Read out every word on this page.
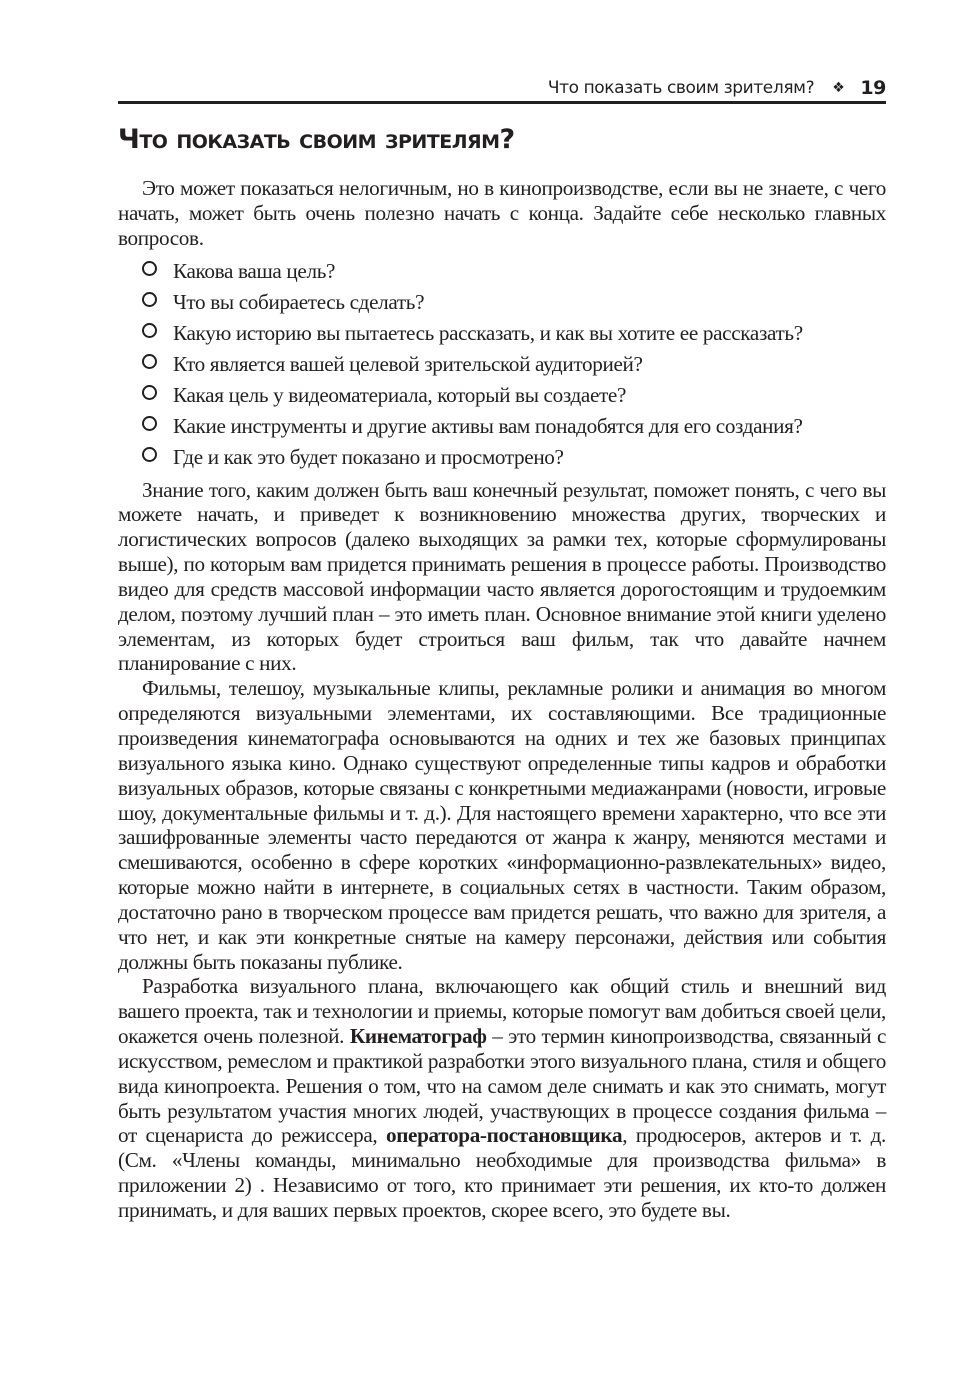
Что показать своим зрителям? ❖ 19
Что показать своим зрителям?

Это может показаться нелогичным, но в кинопроизводстве, если вы не знаете, с чего начать, может быть очень полезно начать с конца. Задайте себе несколько главных вопросов.

Какова ваша цель?
Что вы собираетесь сделать?
Какую историю вы пытаетесь рассказать, и как вы хотите ее рассказать?
Кто является вашей целевой зрительской аудиторией?
Какая цель у видеоматериала, который вы создаете?
Какие инструменты и другие активы вам понадобятся для его создания?
Где и как это будет показано и просмотрено?

Знание того, каким должен быть ваш конечный результат, поможет понять, с чего вы можете начать, и приведет к возникновению множества других, творческих и логистических вопросов (далеко выходящих за рамки тех, которые сформулированы выше), по которым вам придется принимать решения в процессе работы. Производство видео для средств массовой информации часто является дорогостоящим и трудоемким делом, поэтому лучший план – это иметь план. Основное внимание этой книги уделено элементам, из которых будет строиться ваш фильм, так что давайте начнем планирование с них.

Фильмы, телешоу, музыкальные клипы, рекламные ролики и анимация во многом определяются визуальными элементами, их составляющими. Все традиционные произведения кинематографа основываются на одних и тех же базовых принципах визуального языка кино. Однако существуют определенные типы кадров и обработки визуальных образов, которые связаны с конкретными медиажанрами (новости, игровые шоу, документальные фильмы и т. д.). Для настоящего времени характерно, что все эти зашифрованные элементы часто передаются от жанра к жанру, меняются местами и смешиваются, особенно в сфере коротких «информационно-развлекательных» видео, которые можно найти в интернете, в социальных сетях в частности. Таким образом, достаточно рано в творческом процессе вам придется решать, что важно для зрителя, а что нет, и как эти конкретные снятые на камеру персонажи, действия или события должны быть показаны публике.

Разработка визуального плана, включающего как общий стиль и внешний вид вашего проекта, так и технологии и приемы, которые помогут вам добиться своей цели, окажется очень полезной. Кинематограф – это термин кинопроизводства, связанный с искусством, ремеслом и практикой разработки этого визуального плана, стиля и общего вида кинопроекта. Решения о том, что на самом деле снимать и как это снимать, могут быть результатом участия многих людей, участвующих в процессе создания фильма – от сценариста до режиссера, оператора-постановщика, продюсеров, актеров и т. д. (См. «Члены команды, минимально необходимые для производства фильма» в приложении 2) . Независимо от того, кто принимает эти решения, их кто-то должен принимать, и для ваших первых проектов, скорее всего, это будете вы.
